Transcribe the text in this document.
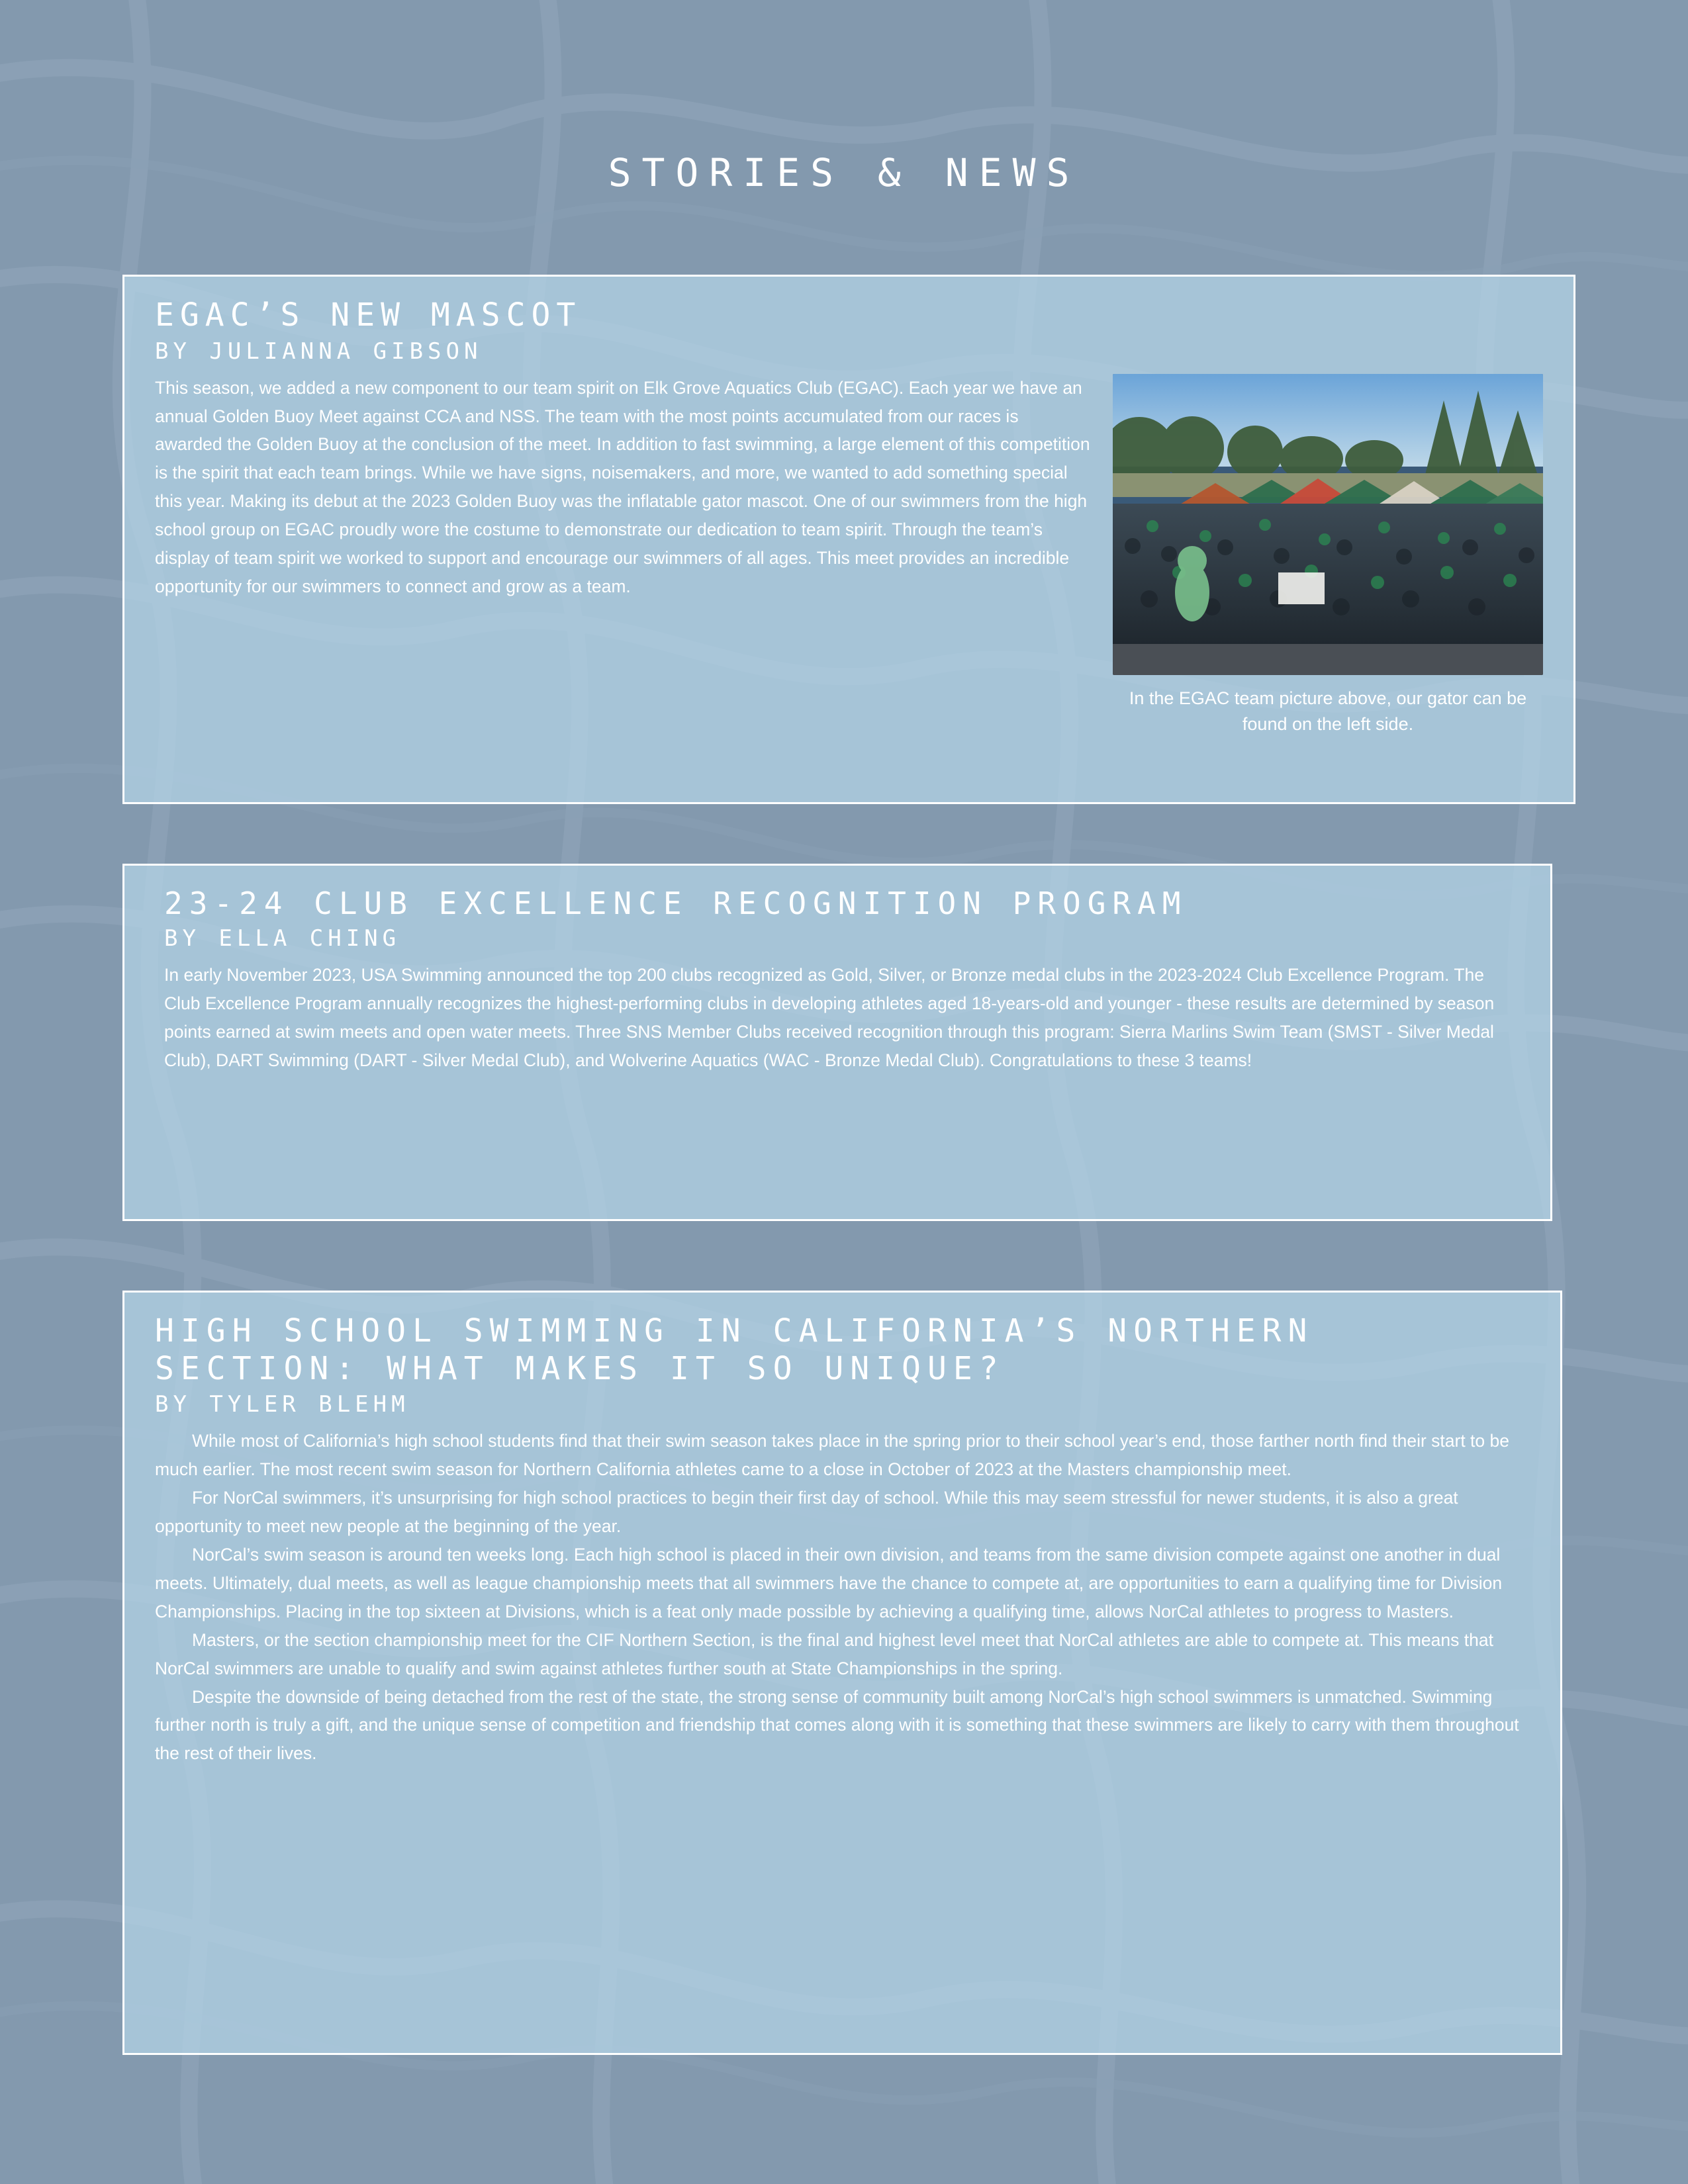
STORIES & NEWS
EGAC’S NEW MASCOT
BY JULIANNA GIBSON

This season, we added a new component to our team spirit on Elk Grove Aquatics Club (EGAC). Each year we have an annual Golden Buoy Meet against CCA and NSS. The team with the most points accumulated from our races is awarded the Golden Buoy at the conclusion of the meet. In addition to fast swimming, a large element of this competition is the spirit that each team brings. While we have signs, noisemakers, and more, we wanted to add something special this year. Making its debut at the 2023 Golden Buoy was the inflatable gator mascot. One of our swimmers from the high school group on EGAC proudly wore the costume to demonstrate our dedication to team spirit. Through the team’s display of team spirit we worked to support and encourage our swimmers of all ages. This meet provides an incredible opportunity for our swimmers to connect and grow as a team.

In the EGAC team picture above, our gator can be found on the left side.
23-24 CLUB EXCELLENCE RECOGNITION PROGRAM
BY ELLA CHING

In early November 2023, USA Swimming announced the top 200 clubs recognized as Gold, Silver, or Bronze medal clubs in the 2023-2024 Club Excellence Program. The Club Excellence Program annually recognizes the highest-performing clubs in developing athletes aged 18-years-old and younger - these results are determined by season points earned at swim meets and open water meets. Three SNS Member Clubs received recognition through this program: Sierra Marlins Swim Team (SMST - Silver Medal Club), DART Swimming (DART - Silver Medal Club), and Wolverine Aquatics (WAC - Bronze Medal Club). Congratulations to these 3 teams!

HIGH SCHOOL SWIMMING IN CALIFORNIA’S NORTHERN SECTION: WHAT MAKES IT SO UNIQUE?
BY TYLER BLEHM

While most of California’s high school students find that their swim season takes place in the spring prior to their school year’s end, those farther north find their start to be much earlier. The most recent swim season for Northern California athletes came to a close in October of 2023 at the Masters championship meet.

For NorCal swimmers, it’s unsurprising for high school practices to begin their first day of school. While this may seem stressful for newer students, it is also a great opportunity to meet new people at the beginning of the year.

NorCal’s swim season is around ten weeks long. Each high school is placed in their own division, and teams from the same division compete against one another in dual meets. Ultimately, dual meets, as well as league championship meets that all swimmers have the chance to compete at, are opportunities to earn a qualifying time for Division Championships. Placing in the top sixteen at Divisions, which is a feat only made possible by achieving a qualifying time, allows NorCal athletes to progress to Masters.

Masters, or the section championship meet for the CIF Northern Section, is the final and highest level meet that NorCal athletes are able to compete at. This means that NorCal swimmers are unable to qualify and swim against athletes further south at State Championships in the spring.

Despite the downside of being detached from the rest of the state, the strong sense of community built among NorCal’s high school swimmers is unmatched. Swimming further north is truly a gift, and the unique sense of competition and friendship that comes along with it is something that these swimmers are likely to carry with them throughout the rest of their lives.
